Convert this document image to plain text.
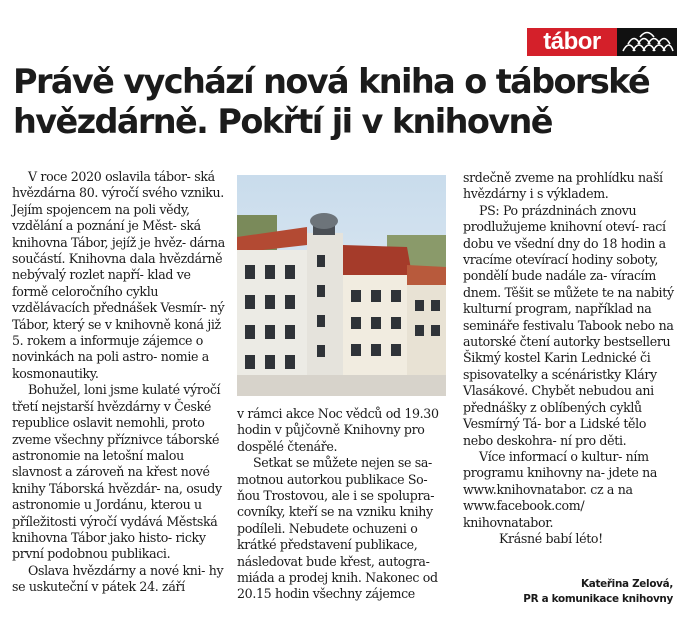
tábor
Právě vychází nová kniha o táborské
hvězdárně. Pokřtí ji v knihovně

V roce 2020 oslavila tábor- ská hvězdárna 80. výročí svého vzniku. Jejím spojencem na poli vědy, vzdělání a poznání je Měst- ská knihovna Tábor, jejíž je hvěz- dárna součástí. Knihovna dala hvězdárně nebývalý rozlet napří- klad ve formě celoročního cyklu vzdělávacích přednášek Vesmír- ný Tábor, který se v knihovně koná již 5. rokem a informuje zájemce o novinkách na poli astro- nomie a kosmonautiky.

Bohužel, loni jsme kulaté výročí třetí nejstarší hvězdárny v České republice oslavit nemohli, proto zveme všechny příznivce táborské astronomie na letošní malou slavnost a zároveň na křest nové knihy Táborská hvězdár- na, osudy astronomie u Jordánu, kterou u příležitosti výročí vydává Městská knihovna Tábor jako histo- ricky první podobnou publikaci.

Oslava hvězdárny a nové kni- hy se uskuteční v pátek 24. září

v rámci akce Noc vědců od 19.30 hodin v půjčovně Knihovny pro dospělé čtenáře.

Setkat se můžete nejen se sa- motnou autorkou publikace So- ňou Trostovou, ale i se spolupra- covníky, kteří se na vzniku knihy podíleli. Nebudete ochuzeni o krátké představení publikace, následovat bude křest, autogra- miáda a prodej knih. Nakonec od 20.15 hodin všechny zájemce

srdečně zveme na prohlídku naší hvězdárny i s výkladem.

PS: Po prázdninách znovu prodlužujeme knihovní oteví- rací dobu ve všední dny do 18 hodin a vracíme otevírací hodiny soboty, pondělí bude nadále za- víracím dnem. Těšit se můžete te na nabitý kulturní program, například na semináře festivalu Tabook nebo na autorské čtení autorky bestselleru Šikmý kostel Karin Lednické či spisovatelky a scénáristky Kláry Vlasákové. Chybět nebudou ani přednášky z oblíbených cyklů Vesmírný Tá- bor a Lidské tělo nebo deskohra- ní pro děti.

Více informací o kultur- ním programu knihovny na- jdete na www.knihovnatabor. cz a na www.facebook.com/ knihovnatabor.

Krásné babí léto!

Kateřina Zelová,
PR a komunikace knihovny
